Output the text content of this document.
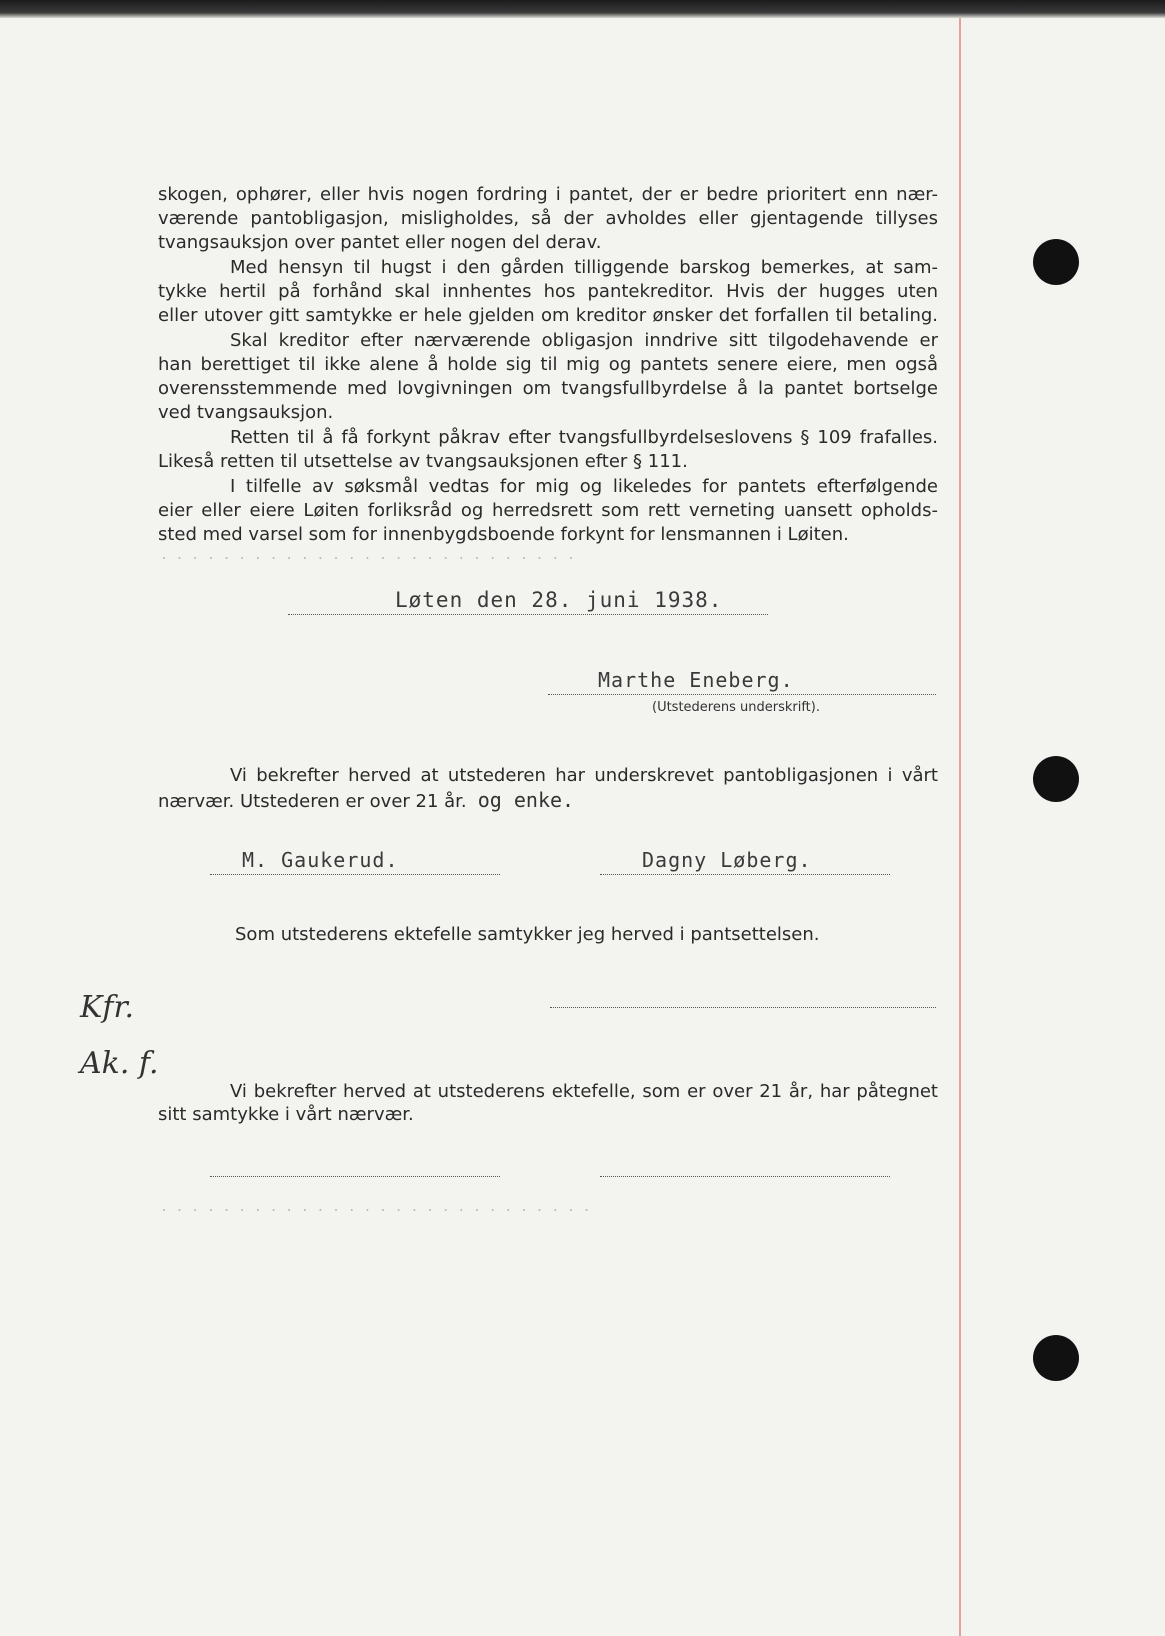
. . . . . . . . . . . . . . . . . . . . . . . . . . .
. . . . . . . . . . . . . . . . . . . . . . . . . . . .

skogen, ophører, eller hvis nogen fordring i pantet, der er bedre prioritert enn nær-

værende pantobligasjon, misligholdes, så der avholdes eller gjentagende tillyses

tvangsauksjon over pantet eller nogen del derav.

Med hensyn til hugst i den gården tilliggende barskog bemerkes, at sam-

tykke hertil på forhånd skal innhentes hos pantekreditor. Hvis der hugges uten

eller utover gitt samtykke er hele gjelden om kreditor ønsker det forfallen til betaling.

Skal kreditor efter nærværende obligasjon inndrive sitt tilgodehavende er

han berettiget til ikke alene å holde sig til mig og pantets senere eiere, men også

overensstemmende med lovgivningen om tvangsfullbyrdelse å la pantet bortselge

ved tvangsauksjon.

Retten til å få forkynt påkrav efter tvangsfullbyrdelseslovens § 109 frafalles.

Likeså retten til utsettelse av tvangsauksjonen efter § 111.

I tilfelle av søksmål vedtas for mig og likeledes for pantets efterfølgende

eier eller eiere Løiten forliksråd og herredsrett som rett verneting uansett opholds-

sted med varsel som for innenbygdsboende forkynt for lensmannen i Løiten.

Løten den 28. juni 1938.
Marthe Eneberg.
(Utstederens underskrift).

Vi bekrefter herved at utstederen har underskrevet pantobligasjonen i vårt

nærvær. Utstederen er over 21 år. og enke.
M. Gaukerud.	Dagny Løberg.
Som utstederens ektefelle samtykker jeg herved i pantsettelsen.
Kfr. Ak. f.

Vi bekrefter herved at utstederens ektefelle, som er over 21 år, har påtegnet

sitt samtykke i vårt nærvær.
